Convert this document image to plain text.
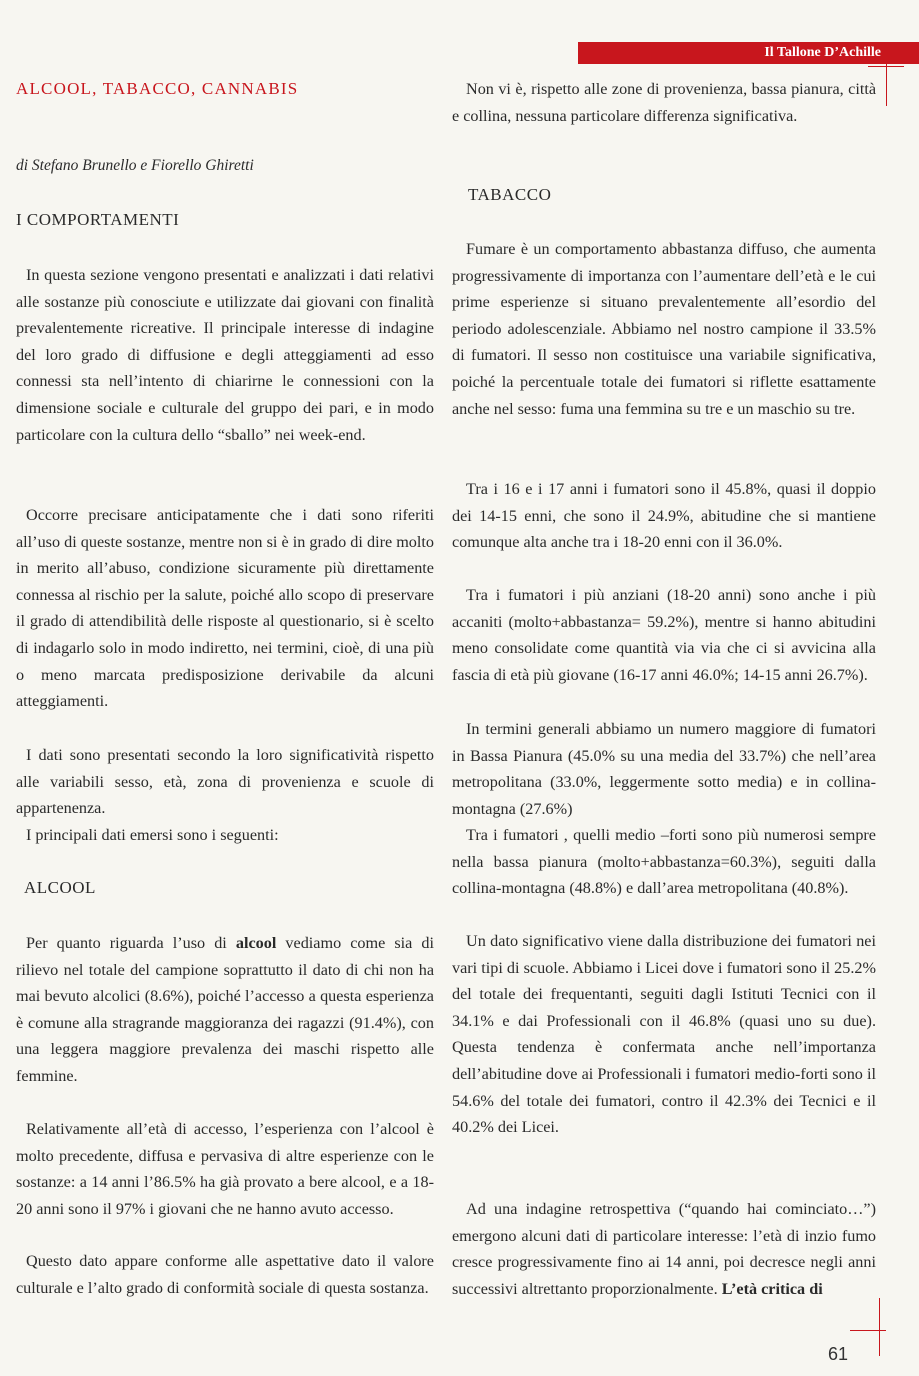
Il Tallone D’Achille
ALCOOL, TABACCO, CANNABIS
di Stefano Brunello e Fiorello Ghiretti
I COMPORTAMENTI

In questa sezione vengono presentati e analizzati i dati relativi alle sostanze più conosciute e utilizzate dai giovani con finalità prevalentemente ricreative. Il principale interesse di indagine del loro grado di diffusione e degli atteggiamenti ad esso connessi sta nell’intento di chiarirne le connessioni con la dimensione sociale e culturale del gruppo dei pari, e in modo particolare con la cultura dello “sballo” nei week-end.

Occorre precisare anticipatamente che i dati sono riferiti all’uso di queste sostanze, mentre non si è in grado di dire molto in merito all’abuso, condizione sicuramente più direttamente connessa al rischio per la salute, poiché allo scopo di preservare il grado di attendibilità delle risposte al questionario, si è scelto di indagarlo solo in modo indiretto, nei termini, cioè, di una più o meno marcata predisposizione derivabile da alcuni atteggiamenti.

I dati sono presentati secondo la loro significatività rispetto alle variabili sesso, età, zona di provenienza e scuole di appartenenza.

I principali dati emersi sono i seguenti:

ALCOOL

Per quanto riguarda l’uso di alcool vediamo come sia di rilievo nel totale del campione soprattutto il dato di chi non ha mai bevuto alcolici (8.6%), poiché l’accesso a questa esperienza è comune alla stragrande maggioranza dei ragazzi (91.4%), con una leggera maggiore prevalenza dei maschi rispetto alle femmine.

Relativamente all’età di accesso, l’esperienza con l’alcool è molto precedente, diffusa e pervasiva di altre esperienze con le sostanze: a 14 anni l’86.5% ha già provato a bere alcool, e a 18-20 anni sono il 97% i giovani che ne hanno avuto accesso.

Questo dato appare conforme alle aspettative dato il valore culturale e l’alto grado di conformità sociale di questa sostanza.

Non vi è, rispetto alle zone di provenienza, bassa pianura, città e collina, nessuna particolare differenza significativa.

TABACCO

Fumare è un comportamento abbastanza diffuso, che aumenta progressivamente di importanza con l’aumentare dell’età e le cui prime esperienze si situano prevalentemente all’esordio del periodo adolescenziale. Abbiamo nel nostro campione il 33.5% di fumatori. Il sesso non costituisce una variabile significativa, poiché la percentuale totale dei fumatori si riflette esattamente anche nel sesso: fuma una femmina su tre e un maschio su tre.

Tra i 16 e i 17 anni i fumatori sono il 45.8%, quasi il doppio dei 14-15 enni, che sono il 24.9%, abitudine che si mantiene comunque alta anche tra i 18-20 enni con il 36.0%.

Tra i fumatori i più anziani (18-20 anni) sono anche i più accaniti (molto+abbastanza= 59.2%), mentre si hanno abitudini meno consolidate come quantità via via che ci si avvicina alla fascia di età più giovane (16-17 anni 46.0%; 14-15 anni 26.7%).

In termini generali abbiamo un numero maggiore di fumatori in Bassa Pianura (45.0% su una media del 33.7%) che nell’area metropolitana (33.0%, leggermente sotto media) e in collina-montagna (27.6%)

Tra i fumatori , quelli medio –forti sono più numerosi sempre nella bassa pianura (molto+abbastanza=60.3%), seguiti dalla collina-montagna (48.8%) e dall’area metropolitana (40.8%).

Un dato significativo viene dalla distribuzione dei fumatori nei vari tipi di scuole. Abbiamo i Licei dove i fumatori sono il 25.2% del totale dei frequentanti, seguiti dagli Istituti Tecnici con il 34.1% e dai Professionali con il 46.8% (quasi uno su due). Questa tendenza è confermata anche nell’importanza dell’abitudine dove ai Professionali i fumatori medio-forti sono il 54.6% del totale dei fumatori, contro il 42.3% dei Tecnici e il 40.2% dei Licei.

Ad una indagine retrospettiva (“quando hai cominciato…”) emergono alcuni dati di particolare interesse: l’età di inzio fumo cresce progressivamente fino ai 14 anni, poi decresce negli anni successivi altrettanto proporzionalmente. L’età critica di

61
